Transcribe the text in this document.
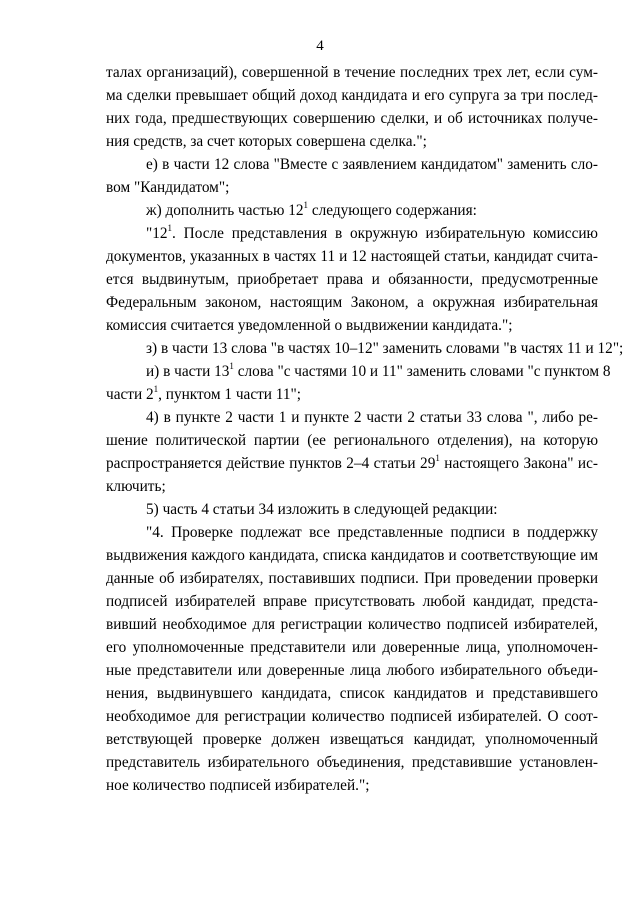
4
талах организаций), совершенной в течение последних трех лет, если сум-
ма сделки превышает общий доход кандидата и его супруга за три послед-
них года, предшествующих совершению сделки, и об источниках получе-
ния средств, за счет которых совершена сделка.";
е) в части 12 слова "Вместе с заявлением кандидатом" заменить сло-
вом "Кандидатом";
ж) дополнить частью $12^1$ следующего содержания:
"$12^1$. После представления в окружную избирательную комиссию
документов, указанных в частях 11 и 12 настоящей статьи, кандидат счита-
ется выдвинутым, приобретает права и обязанности, предусмотренные
Федеральным законом, настоящим Законом, а окружная избирательная
комиссия считается уведомленной о выдвижении кандидата.";
з) в части 13 слова "в частях 10–12" заменить словами "в частях 11 и 12";
и) в части $13^1$ слова "с частями 10 и 11" заменить словами "с пунктом 8
части $2^1$, пунктом 1 части 11";
4) в пункте 2 части 1 и пункте 2 части 2 статьи 33 слова ", либо ре-
шение политической партии (ее регионального отделения), на которую
распространяется действие пунктов 2–4 статьи $29^1$ настоящего Закона" ис-
ключить;
5) часть 4 статьи 34 изложить в следующей редакции:
"4. Проверке подлежат все представленные подписи в поддержку
выдвижения каждого кандидата, списка кандидатов и соответствующие им
данные об избирателях, поставивших подписи. При проведении проверки
подписей избирателей вправе присутствовать любой кандидат, предста-
вивший необходимое для регистрации количество подписей избирателей,
его уполномоченные представители или доверенные лица, уполномочен-
ные представители или доверенные лица любого избирательного объеди-
нения, выдвинувшего кандидата, список кандидатов и представившего
необходимое для регистрации количество подписей избирателей. О соот-
ветствующей проверке должен извещаться кандидат, уполномоченный
представитель избирательного объединения, представившие установлен-
ное количество подписей избирателей.";
